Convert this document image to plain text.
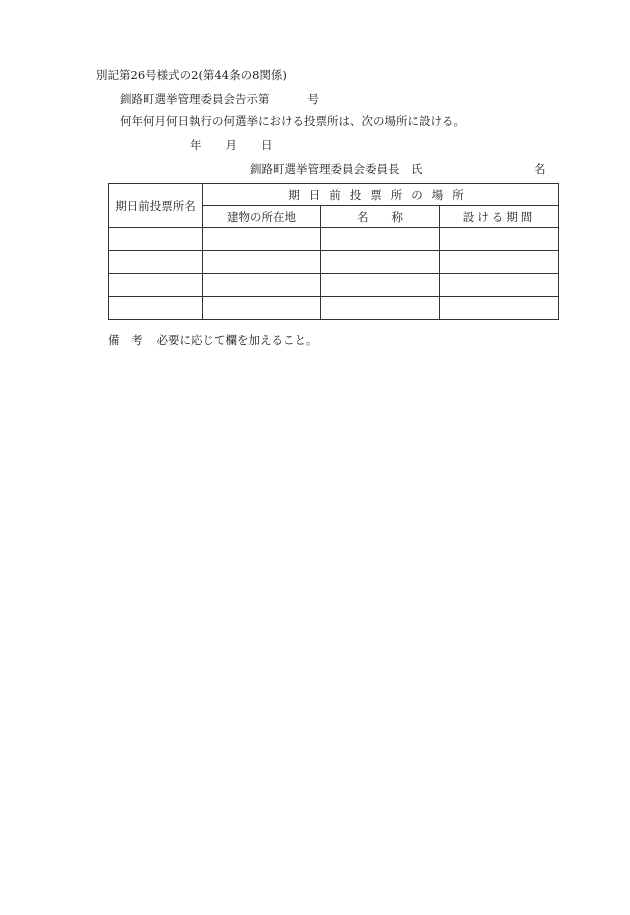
別記第26号様式の2(第44条の8関係)
釧路町選挙管理委員会告示第	号
何年何月何日執行の何選挙における投票所は、次の場所に設ける。
年 月 日
釧路町選挙管理委員会委員長　氏	名
期日前投票所名	期日前投票所の場所		
	建物の所在地	名　　称	設ける期間

備　考 必要に応じて欄を加えること。
